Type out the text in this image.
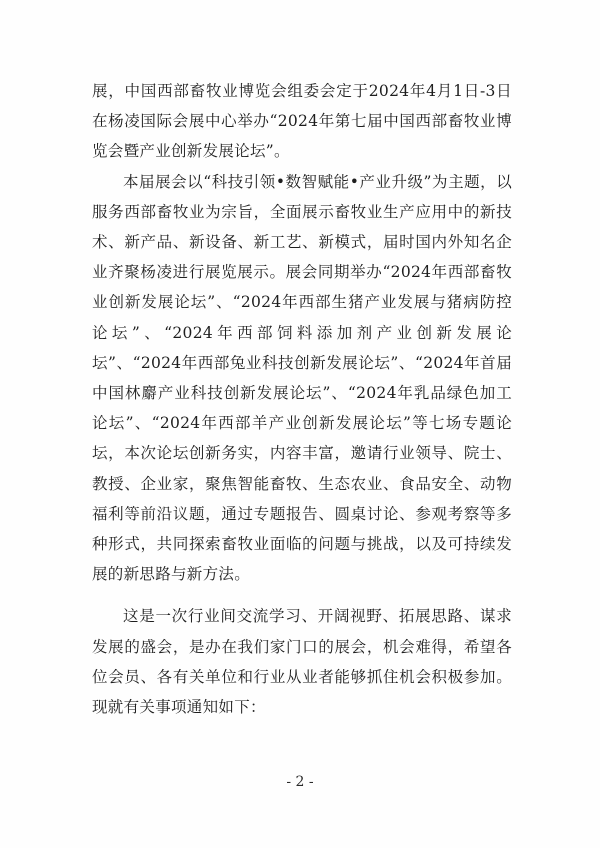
展，中国西部畜牧业博览会组委会定于2024年4月1日-3日在杨凌国际会展中心举办“2024年第七届中国西部畜牧业博览会暨产业创新发展论坛”。

本届展会以“科技引领•数智赋能•产业升级”为主题，以服务西部畜牧业为宗旨，全面展示畜牧业生产应用中的新技术、新产品、新设备、新工艺、新模式，届时国内外知名企业齐聚杨凌进行展览展示。展会同期举办“2024年西部畜牧业创新发展论坛”、“2024年西部生猪产业发展与猪病防控论坛”、“2024年西部饲料添加剂产业创新发展论坛”、“2024年西部兔业科技创新发展论坛”、“2024年首届中国林麝产业科技创新发展论坛”、“2024年乳品绿色加工论坛”、“2024年西部羊产业创新发展论坛”等七场专题论坛，本次论坛创新务实，内容丰富，邀请行业领导、院士、教授、企业家，聚焦智能畜牧、生态农业、食品安全、动物福利等前沿议题，通过专题报告、圆桌讨论、参观考察等多种形式，共同探索畜牧业面临的问题与挑战，以及可持续发展的新思路与新方法。

这是一次行业间交流学习、开阔视野、拓展思路、谋求发展的盛会，是办在我们家门口的展会，机会难得，希望各位会员、各有关单位和行业从业者能够抓住机会积极参加。现就有关事项通知如下：

- 2 -
